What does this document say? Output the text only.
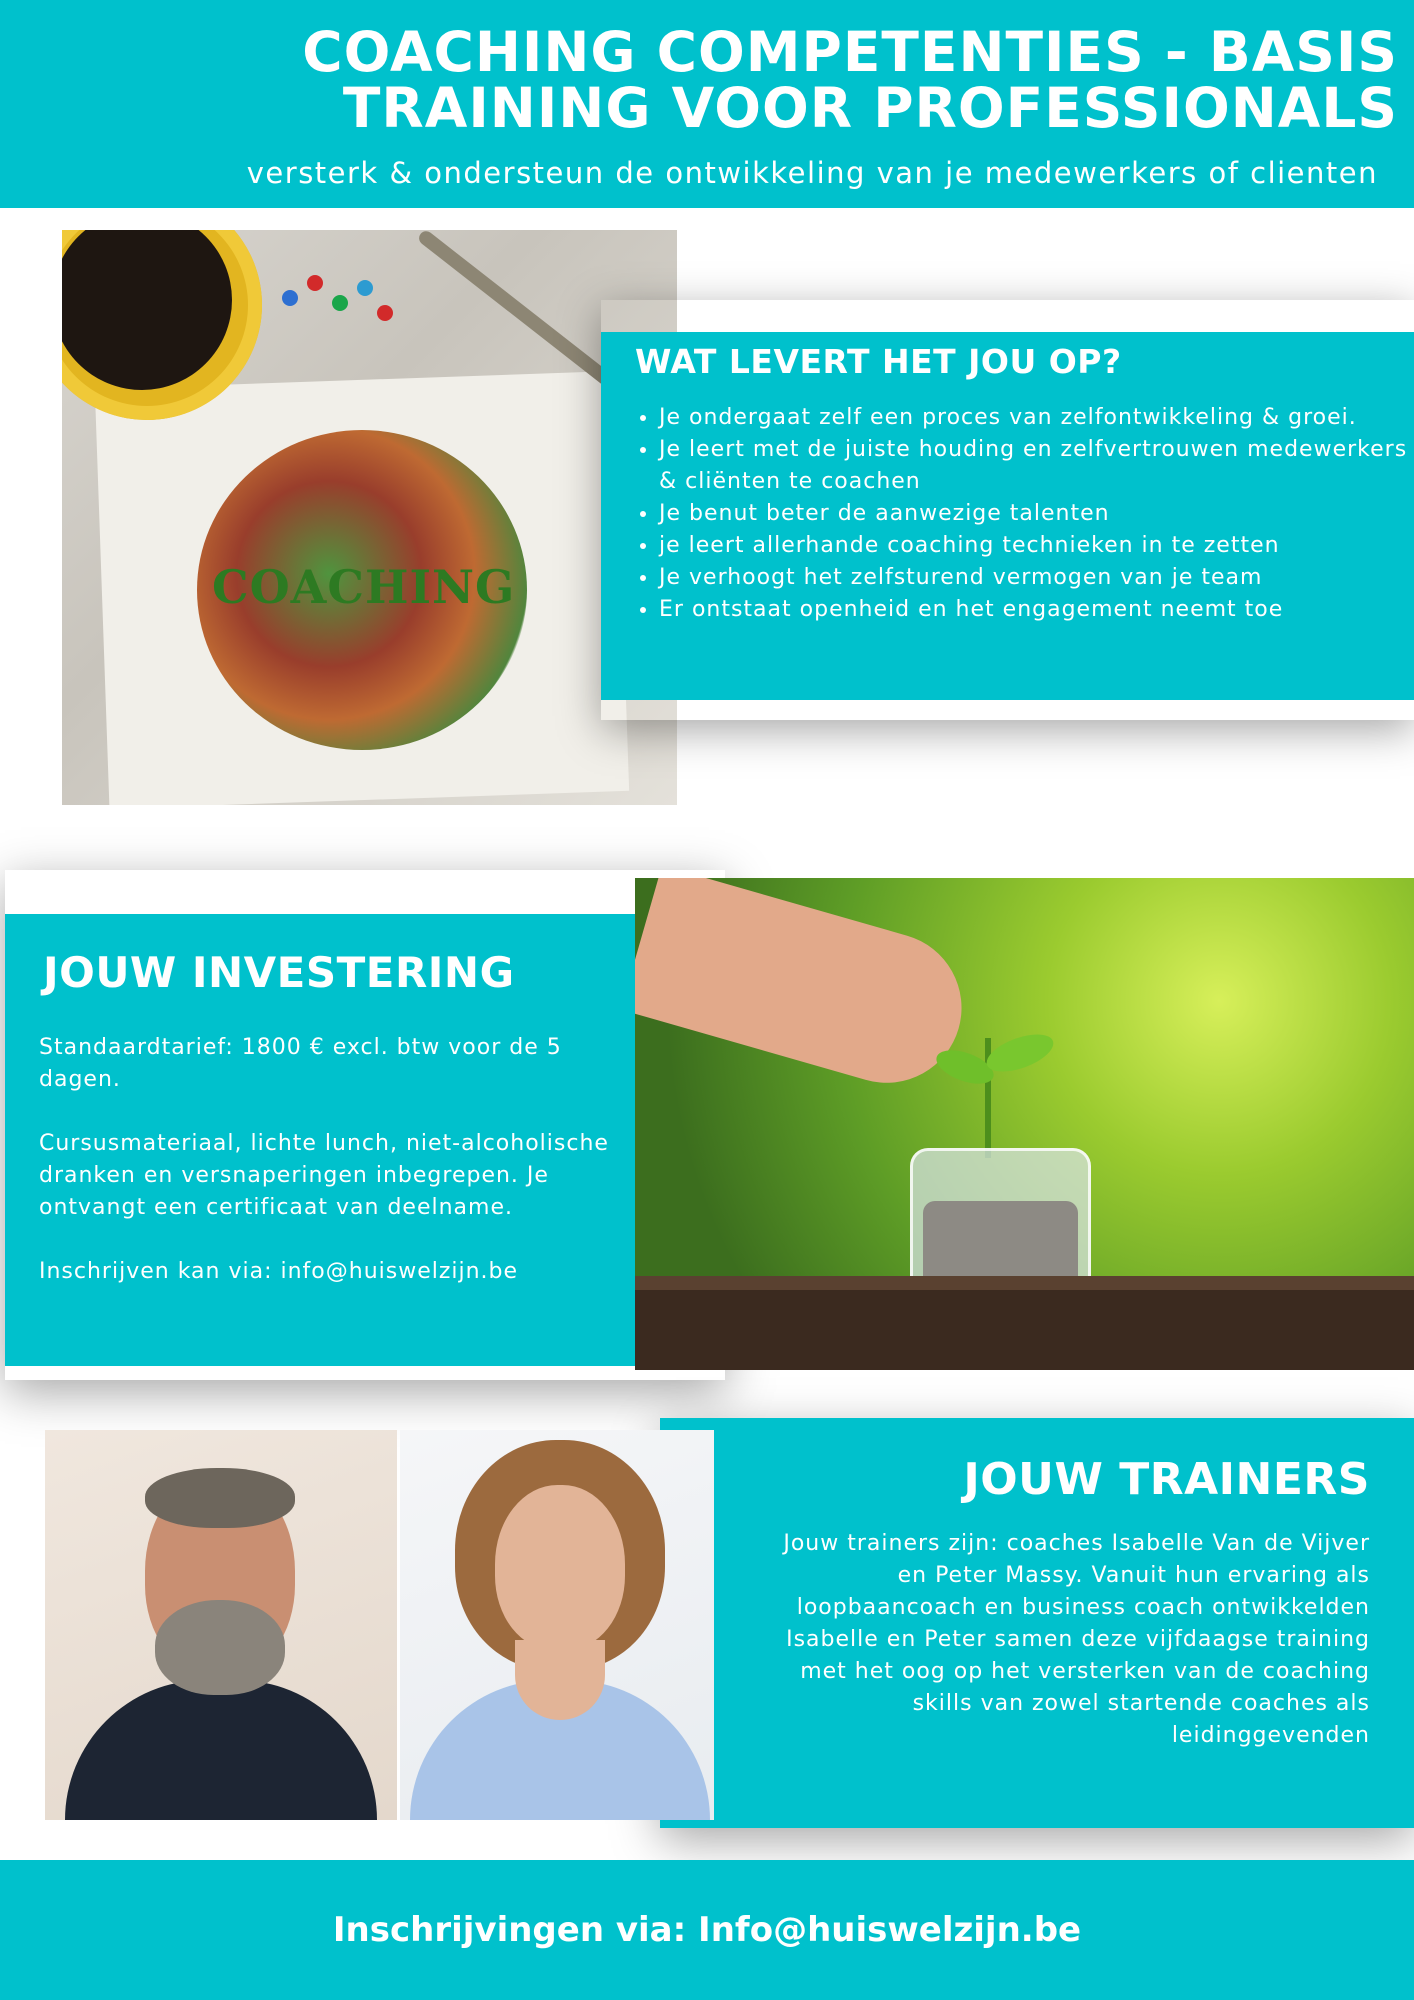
COACHING COMPETENTIES - BASIS TRAINING VOOR PROFESSIONALS

versterk & ondersteun de ontwikkeling van je medewerkers of clienten

COACHING
WAT LEVERT HET JOU OP?
• Je ondergaat zelf een proces van zelfontwikkeling & groei.
• Je leert met de juiste houding en zelfvertrouwen medewerkers & cliënten te coachen
• Je benut beter de aanwezige talenten
• je leert allerhande coaching technieken in te zetten
• Je verhoogt het zelfsturend vermogen van je team
• Er ontstaat openheid en het engagement neemt toe
JOUW INVESTERING

Standaardtarief: 1800 € excl. btw voor de 5 dagen.

Cursusmateriaal, lichte lunch, niet-alcoholische dranken en versnaperingen inbegrepen. Je ontvangt een certificaat van deelname.

Inschrijven kan via: info@huiswelzijn.be

JOUW TRAINERS
Jouw trainers zijn: coaches Isabelle Van de Vijver en Peter Massy. Vanuit hun ervaring als loopbaancoach en business coach ontwikkelden Isabelle en Peter samen deze vijfdaagse training met het oog op het versterken van de coaching skills van zowel startende coaches als leidinggevenden
Inschrijvingen via: Info@huiswelzijn.be
